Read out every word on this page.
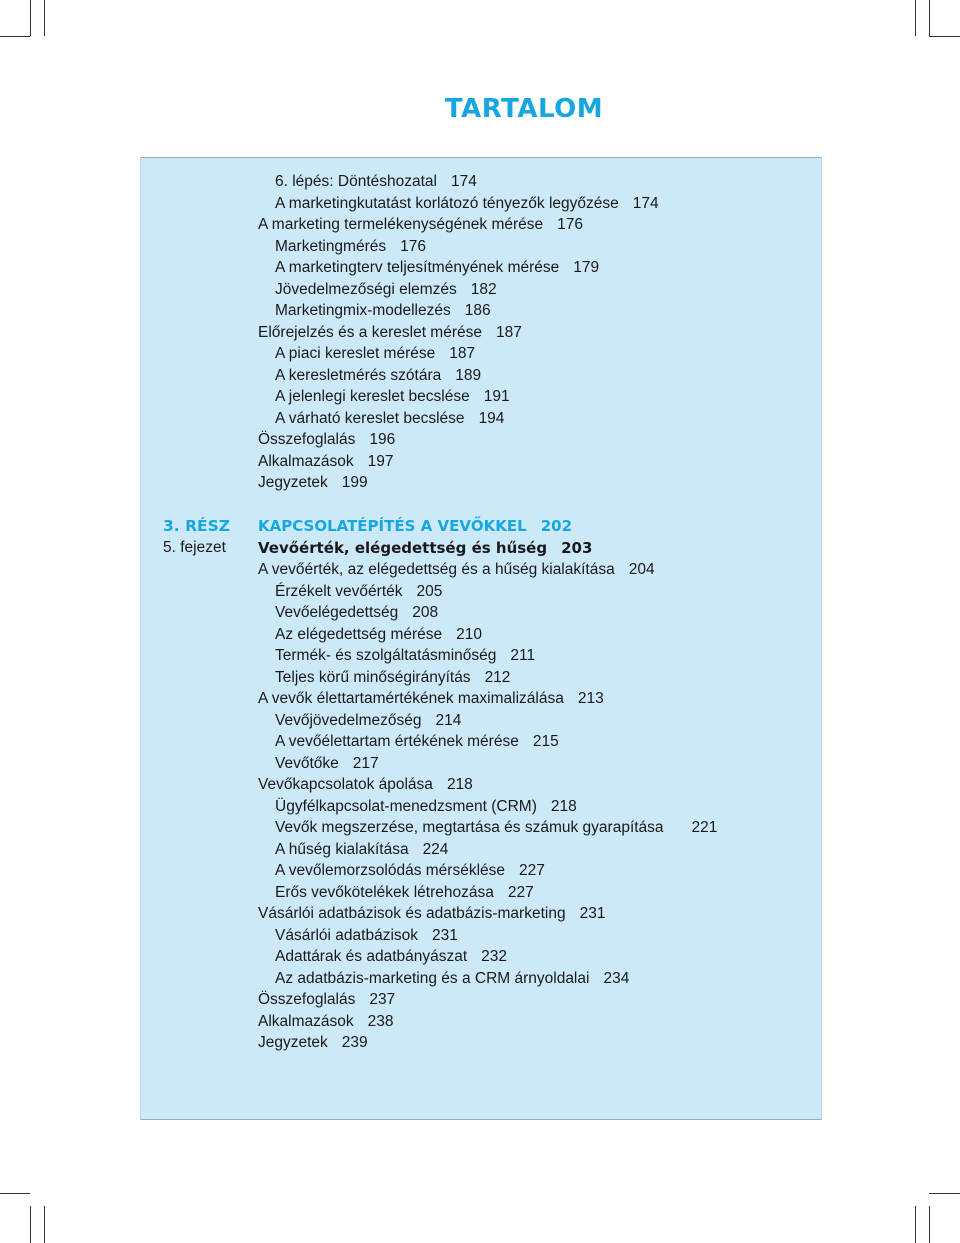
TARTALOM
6. lépés: Döntéshozatal 174
A marketingkutatást korlátozó tényezők legyőzése 174
A marketing termelékenységének mérése 176
Marketingmérés 176
A marketingterv teljesítményének mérése 179
Jövedelmezőségi elemzés 182
Marketingmix-modellezés 186
Előrejelzés és a kereslet mérése 187
A piaci kereslet mérése 187
A keresletmérés szótára 189
A jelenlegi kereslet becslése 191
A várható kereslet becslése 194
Összefoglalás 196
Alkalmazások 197
Jegyzetek 199
3. RÉSZ KAPCSOLATÉPÍTÉS A VEVŐKKEL 202
5. fejezet Vevőérték, elégedettség és hűség 203
A vevőérték, az elégedettség és a hűség kialakítása 204
Érzékelt vevőérték 205
Vevőelégedettség 208
Az elégedettség mérése 210
Termék- és szolgáltatásminőség 211
Teljes körű minőségirányítás 212
A vevők élettartamértékének maximalizálása 213
Vevőjövedelmezőség 214
A vevőélettartam értékének mérése 215
Vevőtőke 217
Vevőkapcsolatok ápolása 218
Ügyfélkapcsolat-menedzsment (CRM) 218
Vevők megszerzése, megtartása és számuk gyarapítása 221
A hűség kialakítása 224
A vevőlemorzsolódás mérséklése 227
Erős vevőkötelékek létrehozása 227
Vásárlói adatbázisok és adatbázis-marketing 231
Vásárlói adatbázisok 231
Adattárak és adatbányászat 232
Az adatbázis-marketing és a CRM árnyoldalai 234
Összefoglalás 237
Alkalmazások 238
Jegyzetek 239
